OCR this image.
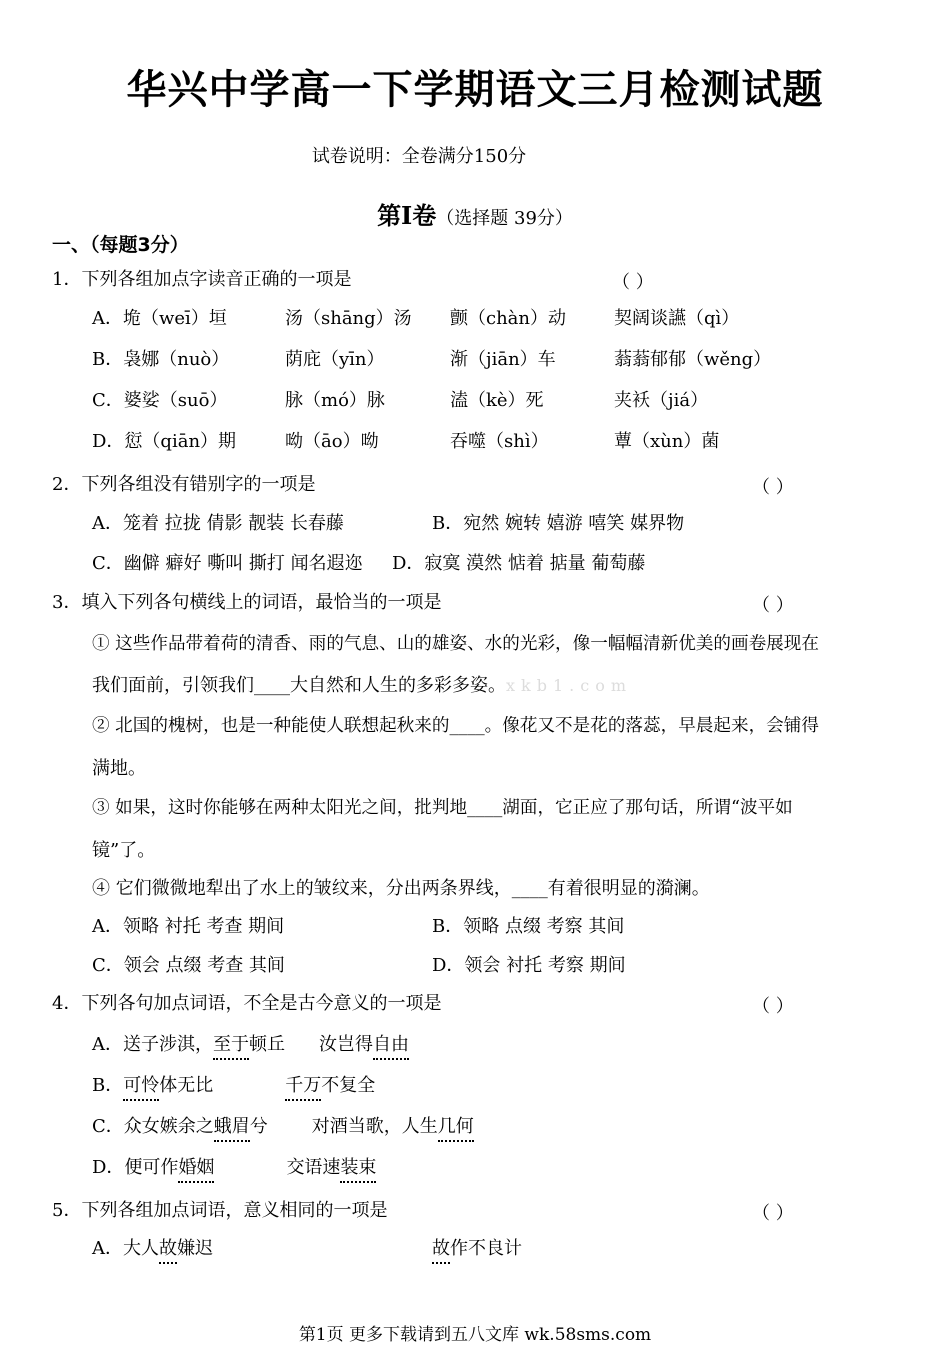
华兴中学高一下学期语文三月检测试题
试卷说明：全卷满分150分
第Ⅰ卷（选择题 39分）
一、（每题3分）
1．下列各组加点字读音正确的一项是	（ ）
A．垝（weī）垣	汤（shāng）汤 颤（chàn）动	契阔谈讌（qì）
B．袅娜（nuò）	荫庇（yīn）	渐（jiān）车	蓊蓊郁郁（wěng）
C．婆娑（suō）	脉（mó）脉	溘（kè）死	夹袄（jiá）
D．愆（qiān）期	呦（āo）呦	吞噬（shì）	蕈（xùn）菌
2．下列各组没有错别字的一项是	（ ）
A．笼着 拉拢 倩影 靓装 长春藤	B．宛然 婉转 嬉游 嘻笑 媒界物
C．幽僻 癖好 嘶叫 撕打 闻名遐迩 D．寂寞 漠然 惦着 掂量 葡萄藤
3．填入下列各句横线上的词语，最恰当的一项是	（ ）
① 这些作品带着荷的清香、雨的气息、山的雄姿、水的光彩，像一幅幅清新优美的画卷展现在
我们面前，引领我们____大自然和人生的多彩多姿。xkb1.com
② 北国的槐树，也是一种能使人联想起秋来的____。像花又不是花的落蕊，早晨起来，会铺得
满地。
③ 如果，这时你能够在两种太阳光之间，批判地____湖面，它正应了那句话，所谓“波平如
镜”了。
④ 它们微微地犁出了水上的皱纹来，分出两条界线，____有着很明显的漪澜。
A．领略 衬托 考查 期间	B．领略 点缀 考察 其间
C．领会 点缀 考查 其间	D．领会 衬托 考察 期间
4．下列各句加点词语，不全是古今意义的一项是	（ ）
A．送子涉淇，至于顿丘 汝岂得自由
B．可怜体无比	千万不复全
C．众女嫉余之蛾眉兮 对酒当歌，人生几何
D．便可作婚姻	交语速装束
5．下列各组加点词语，意义相同的一项是	（ ）
A．大人故嫌迟	故作不良计
第1页 更多下载请到五八文库 wk.58sms.com
